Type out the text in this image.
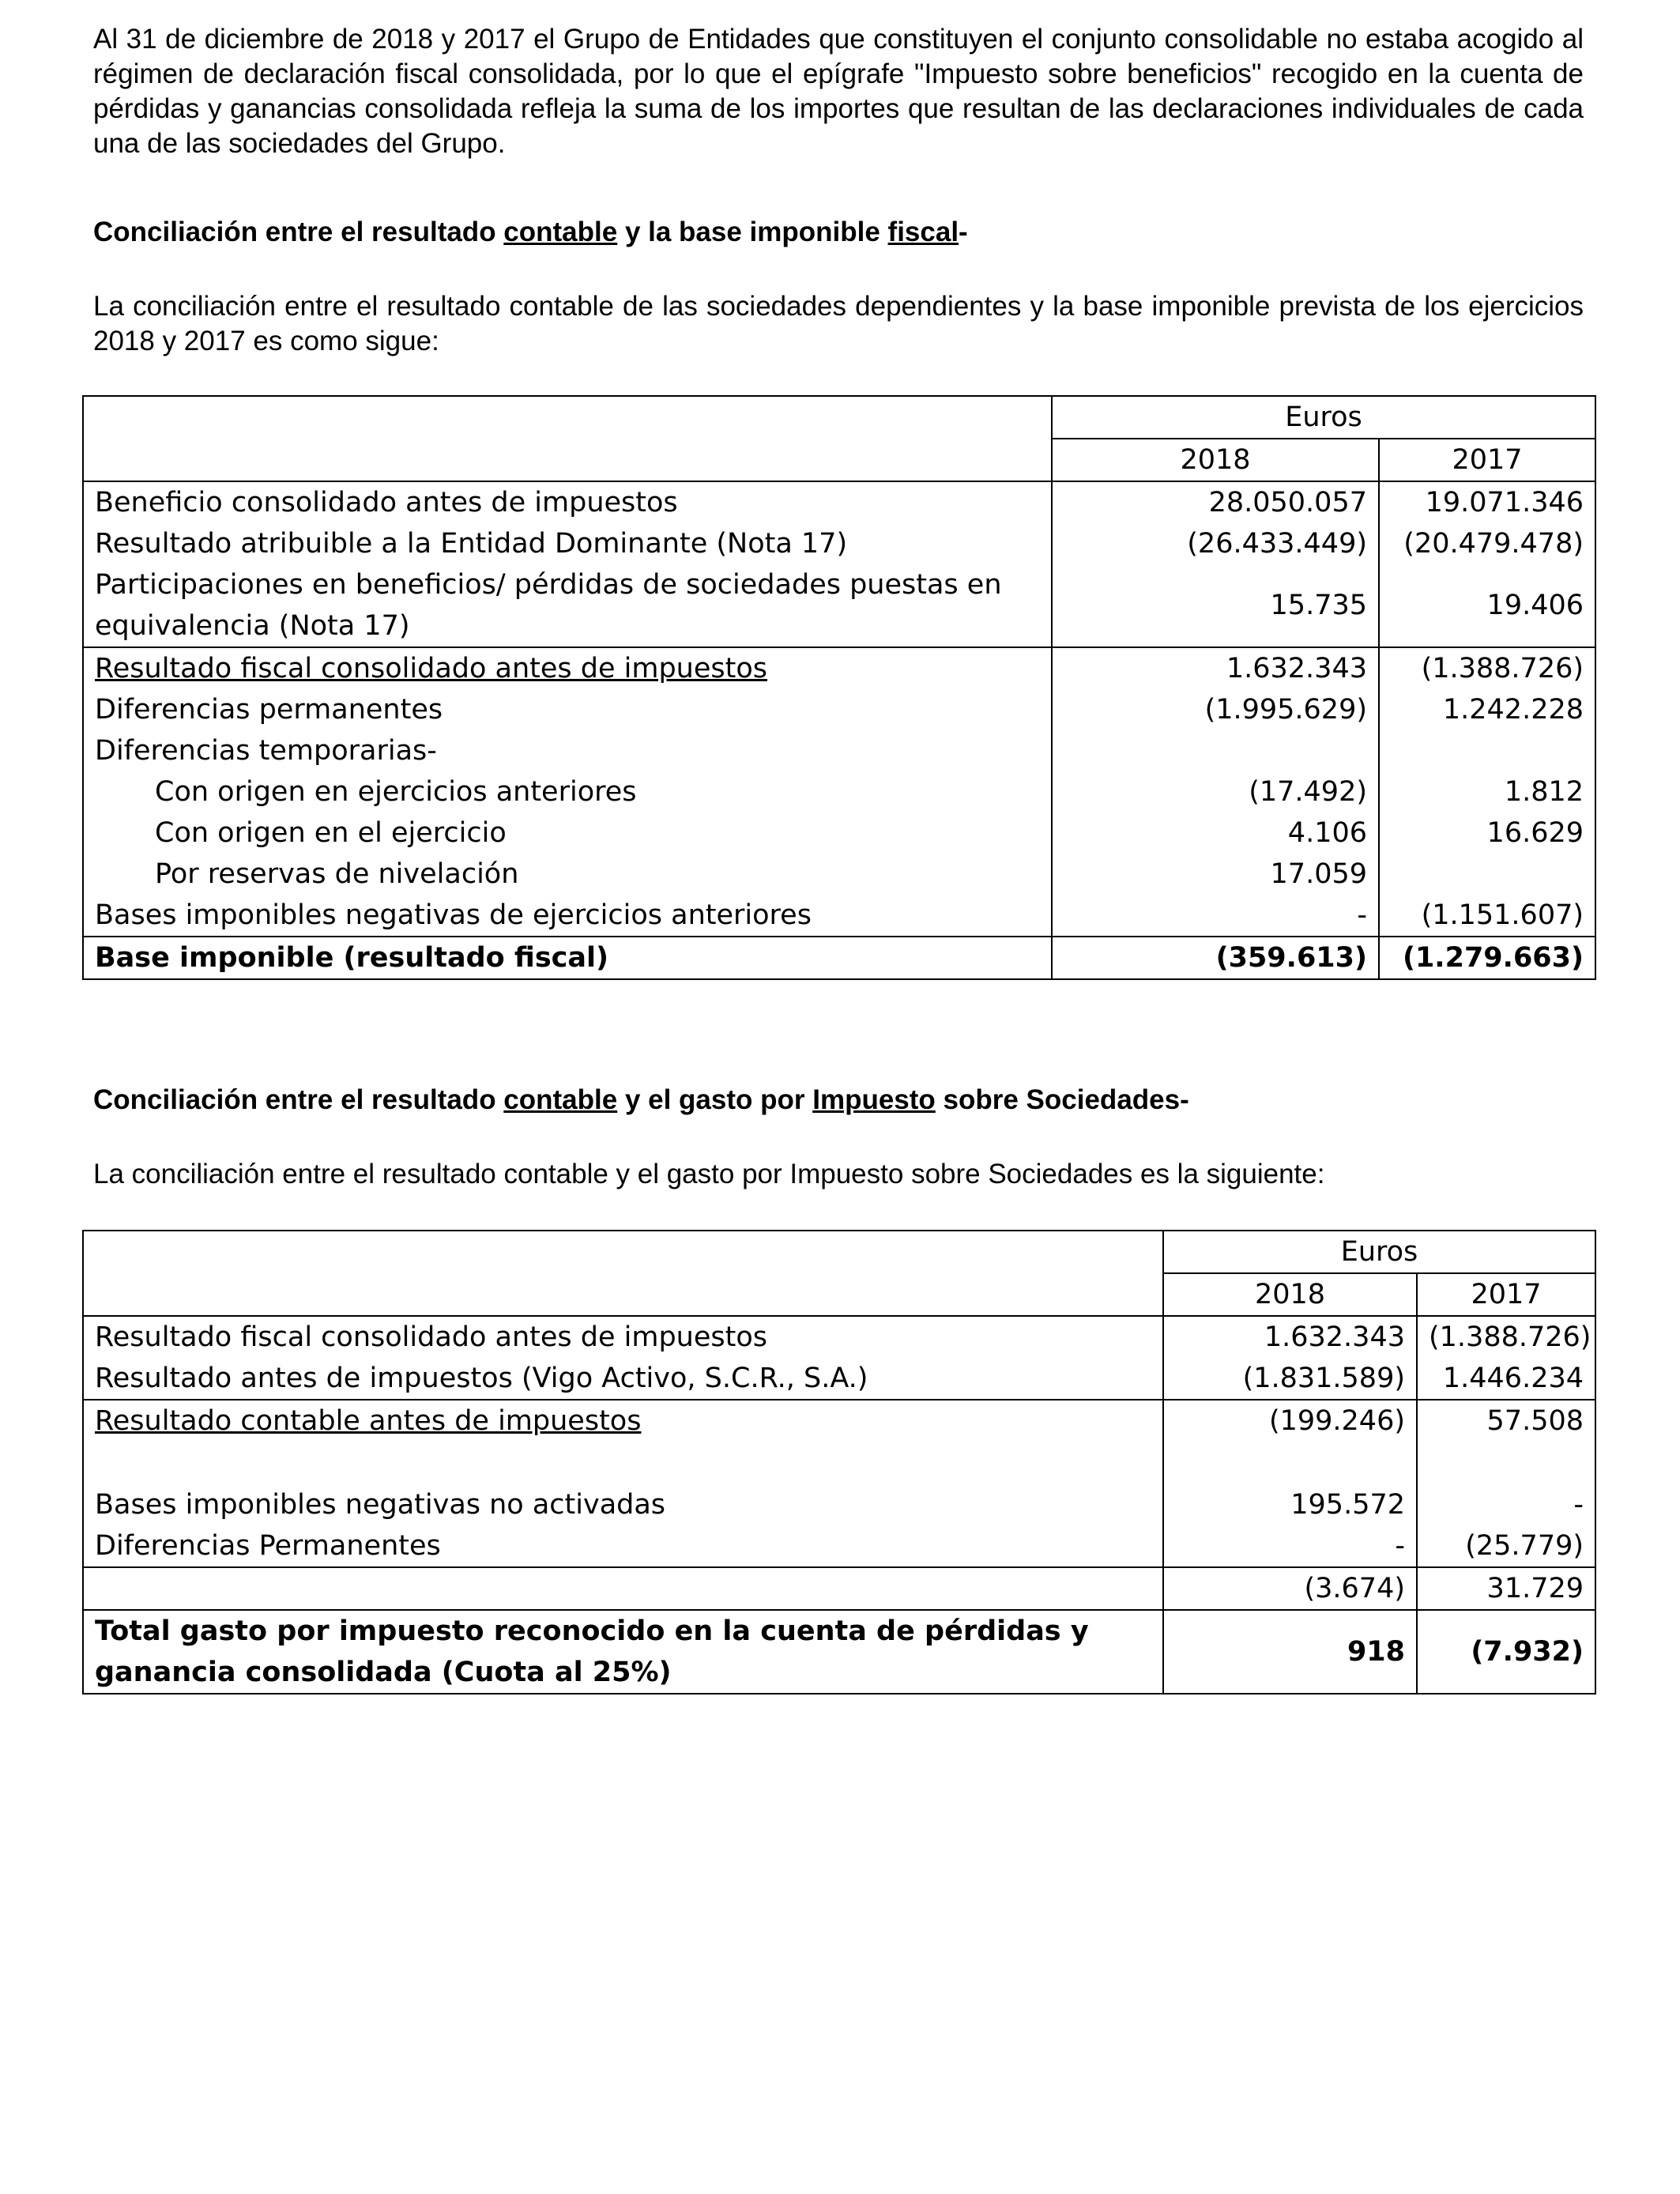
Al 31 de diciembre de 2018 y 2017 el Grupo de Entidades que constituyen el conjunto consolidable no estaba acogido al régimen de declaración fiscal consolidada, por lo que el epígrafe "Impuesto sobre beneficios" recogido en la cuenta de pérdidas y ganancias consolidada refleja la suma de los importes que resultan de las declaraciones individuales de cada una de las sociedades del Grupo.

Conciliación entre el resultado contable y la base imponible fiscal-

La conciliación entre el resultado contable de las sociedades dependientes y la base imponible prevista de los ejercicios 2018 y 2017 es como sigue:

	Euros	
	2018	2017
Beneficio consolidado antes de impuestos	28.050.057	19.071.346
Resultado atribuible a la Entidad Dominante (Nota 17)	(26.433.449)	(20.479.478)
Participaciones en beneficios/ pérdidas de sociedades puestas en equivalencia (Nota 17)	15.735	19.406
Resultado fiscal consolidado antes de impuestos	1.632.343	(1.388.726)
Diferencias permanentes	(1.995.629)	1.242.228
Diferencias temporarias-		
Con origen en ejercicios anteriores	(17.492)	1.812
Con origen en el ejercicio	4.106	16.629
Por reservas de nivelación	17.059	
Bases imponibles negativas de ejercicios anteriores	-	(1.151.607)
Base imponible (resultado fiscal)	(359.613)	(1.279.663)

Conciliación entre el resultado contable y el gasto por Impuesto sobre Sociedades-

La conciliación entre el resultado contable y el gasto por Impuesto sobre Sociedades es la siguiente:

	Euros	
	2018	2017
Resultado fiscal consolidado antes de impuestos	1.632.343	(1.388.726)
Resultado antes de impuestos (Vigo Activo, S.C.R., S.A.)	(1.831.589)	1.446.234
Resultado contable antes de impuestos	(199.246)	57.508

Bases imponibles negativas no activadas	195.572	-
Diferencias Permanentes	-	(25.779)
	(3.674)	31.729
Total gasto por impuesto reconocido en la cuenta de pérdidas y ganancia consolidada (Cuota al 25%)	918	(7.932)
